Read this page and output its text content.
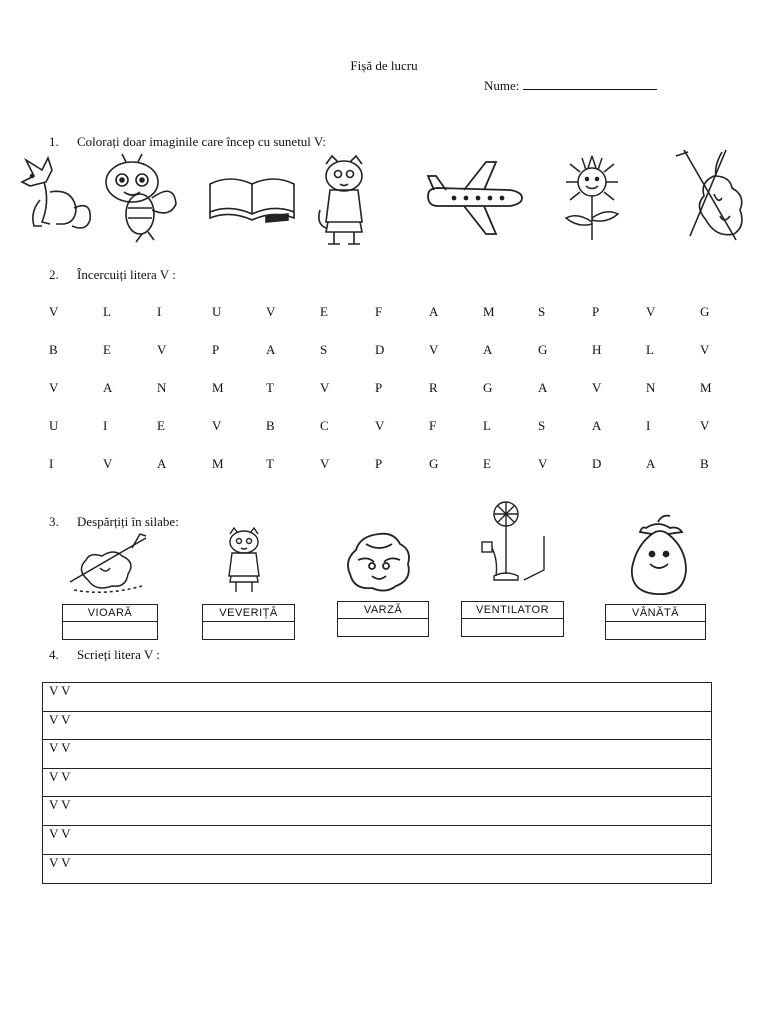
Fișă de lucru
Nume:
1. Colorați doar imaginile care încep cu sunetul V:
2. Încercuiți litera V :
V	L	I	U	V	E	F	A	M	S	P	V	G
B	E	V	P	A	S	D	V	A	G	H	L	V
V	A	N	M	T	V	P	R	G	A	V	N	M
U	I	E	V	B	C	V	F	L	S	A	I	V
I	V	A	M	T	V	P	G	E	V	D	A	B
3. Despărțiți în silabe:
VIOARĂ	VEVERIȚĂ	VARZĂ	VENTILATOR	VÂNĂTĂ
4. Scrieți litera V :
V V
V V
V V
V V
V V
V V
V V
